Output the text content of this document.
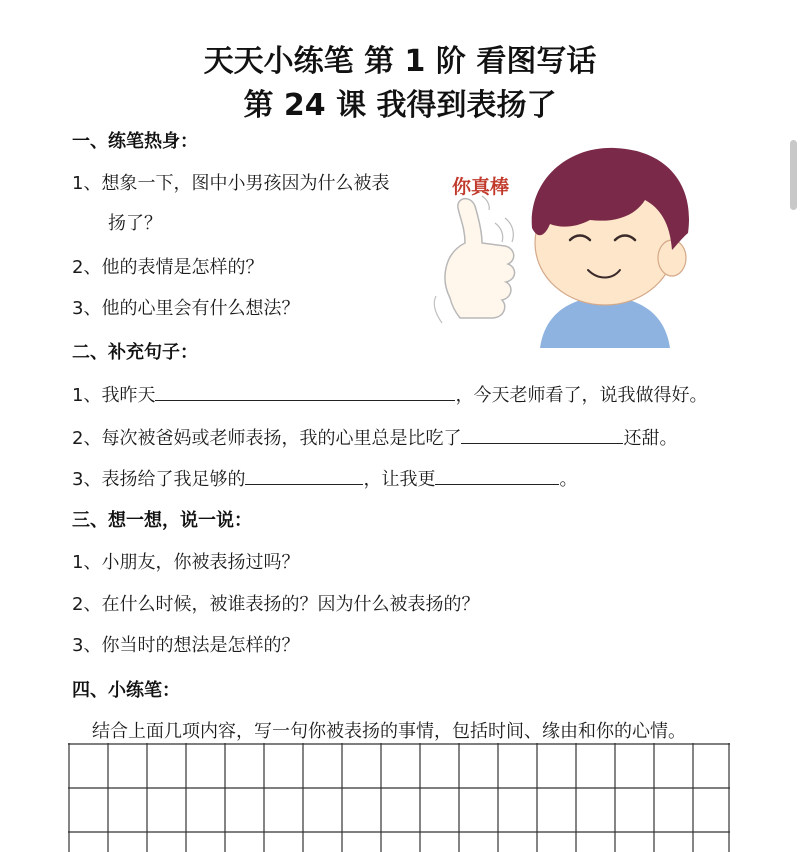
天天小练笔 第 1 阶 看图写话
第 24 课 我得到表扬了
一、练笔热身：
1、想象一下，图中小男孩因为什么被表
扬了？
2、他的表情是怎样的？
3、他的心里会有什么想法？
你真棒
二、补充句子：
1、我昨天	，今天老师看了，说我做得好。
2、每次被爸妈或老师表扬，我的心里总是比吃了	还甜。
3、表扬给了我足够的	，让我更	。
三、想一想，说一说：
1、小朋友，你被表扬过吗？
2、在什么时候，被谁表扬的？因为什么被表扬的？
3、你当时的想法是怎样的？
四、小练笔：
结合上面几项内容，写一句你被表扬的事情，包括时间、缘由和你的心情。
